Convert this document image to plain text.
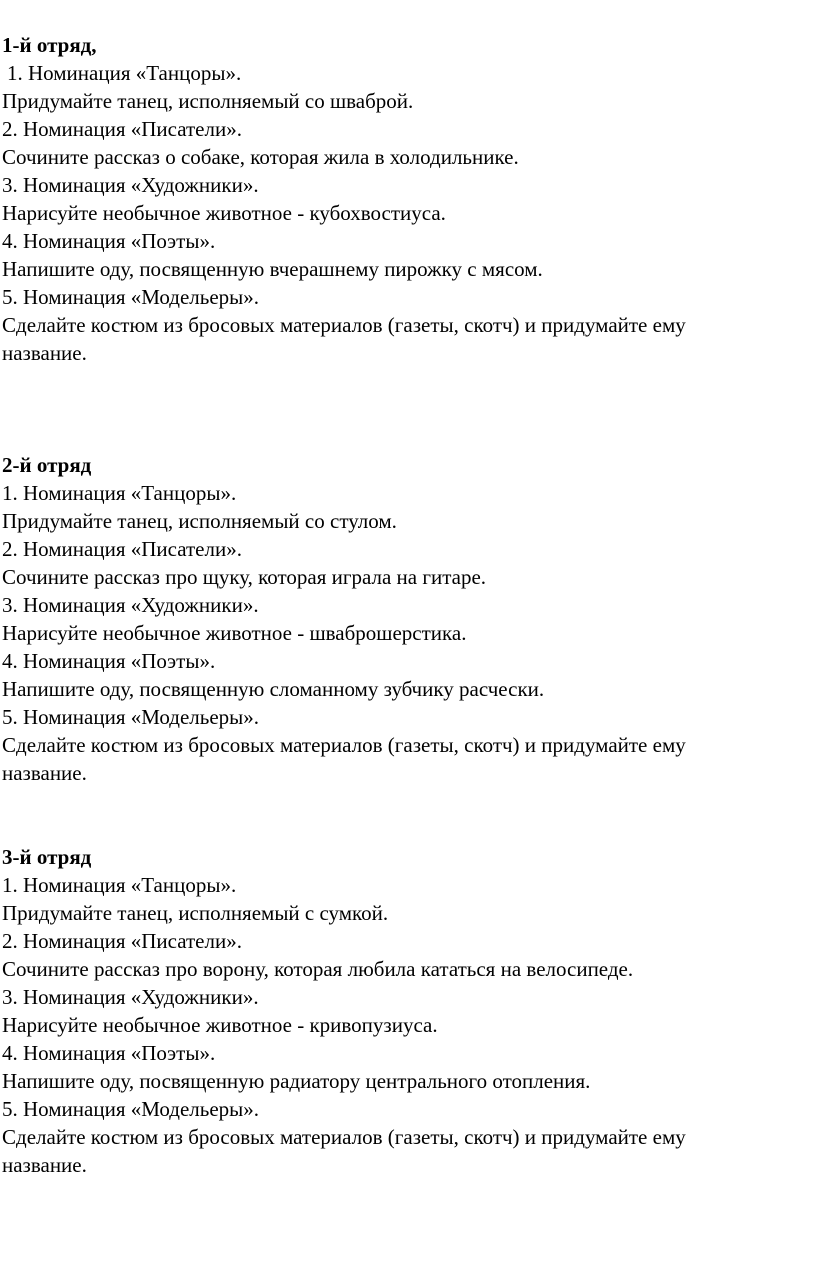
1-й отряд,

1. Номинация «Танцоры».

Придумайте танец, исполняемый со шваброй.

2. Номинация «Писатели».

Сочините рассказ о собаке, которая жила в холодильнике.

3. Номинация «Художники».

Нарисуйте необычное животное - кубохвостиуса.

4. Номинация «Поэты».

Напишите оду, посвященную вчерашнему пирожку с мясом.

5. Номинация «Модельеры».

Сделайте костюм из бросовых материалов (газеты, скотч) и придумайте ему

название.

2-й отряд

1. Номинация «Танцоры».

Придумайте танец, исполняемый со стулом.

2. Номинация «Писатели».

Сочините рассказ про щуку, которая играла на гитаре.

3. Номинация «Художники».

Нарисуйте необычное животное - шваброшерстика.

4. Номинация «Поэты».

Напишите оду, посвященную сломанному зубчику расчески.

5. Номинация «Модельеры».

Сделайте костюм из бросовых материалов (газеты, скотч) и придумайте ему

название.

3-й отряд

1. Номинация «Танцоры».

Придумайте танец, исполняемый с сумкой.

2. Номинация «Писатели».

Сочините рассказ про ворону, которая любила кататься на велосипеде.

3. Номинация «Художники».

Нарисуйте необычное животное - кривопузиуса.

4. Номинация «Поэты».

Напишите оду, посвященную радиатору центрального отопления.

5. Номинация «Модельеры».

Сделайте костюм из бросовых материалов (газеты, скотч) и придумайте ему

название.
